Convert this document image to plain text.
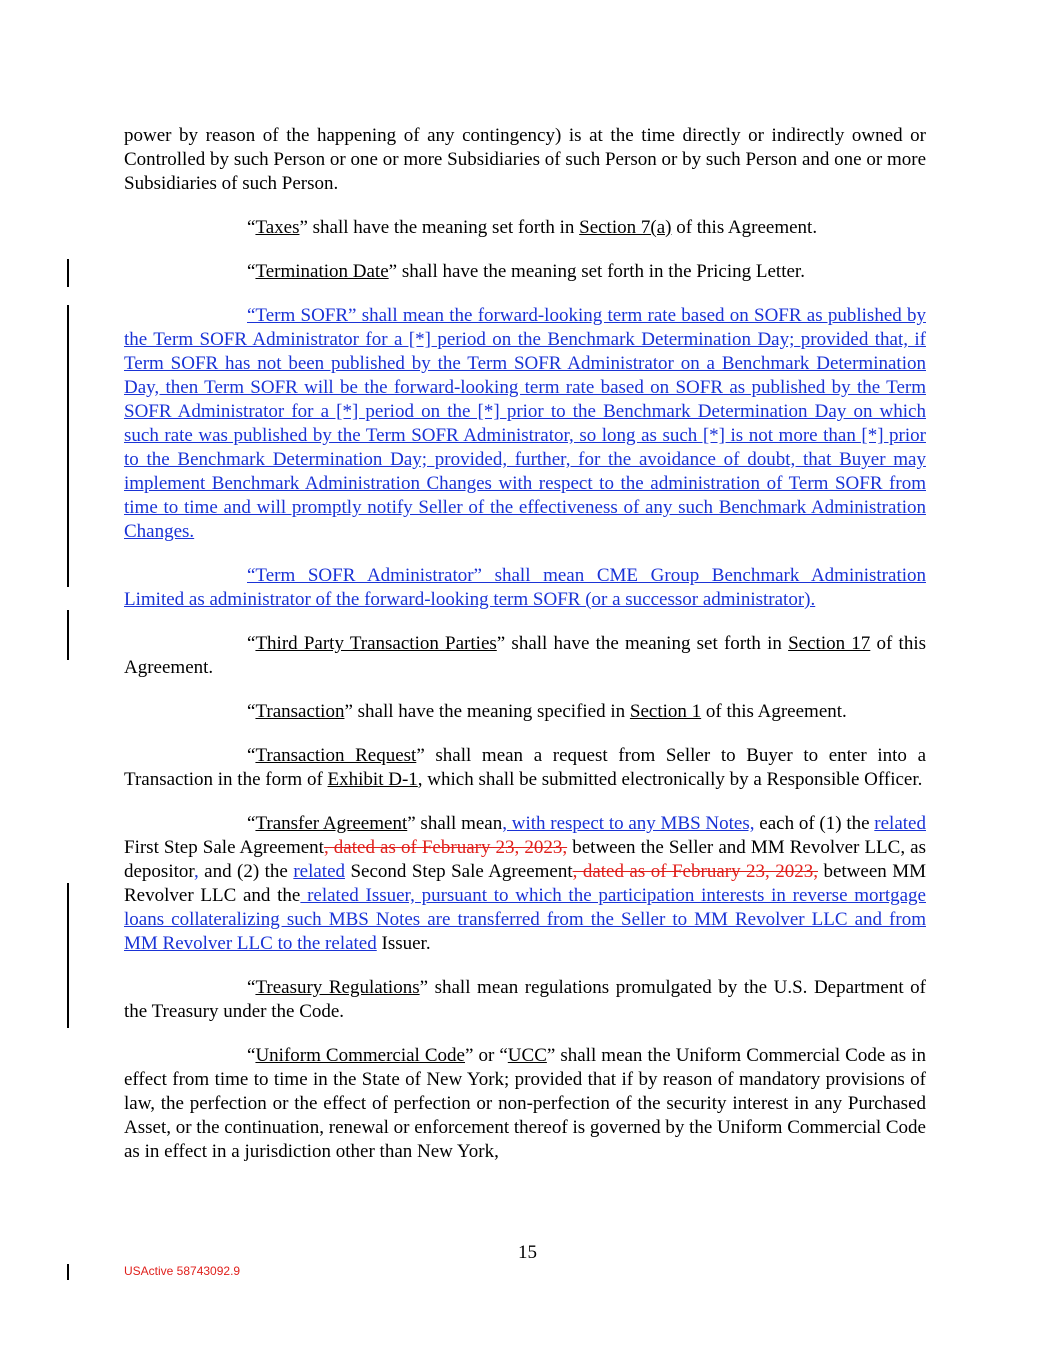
power by reason of the happening of any contingency) is at the time directly or indirectly owned or Controlled by such Person or one or more Subsidiaries of such Person or by such Person and one or more Subsidiaries of such Person.

“Taxes” shall have the meaning set forth in Section 7(a) of this Agreement.

“Termination Date” shall have the meaning set forth in the Pricing Letter.

“Term SOFR” shall mean the forward-looking term rate based on SOFR as published by the Term SOFR Administrator for a [*] period on the Benchmark Determination Day; provided that, if Term SOFR has not been published by the Term SOFR Administrator on a Benchmark Determination Day, then Term SOFR will be the forward-looking term rate based on SOFR as published by the Term SOFR Administrator for a [*] period on the [*] prior to the Benchmark Determination Day on which such rate was published by the Term SOFR Administrator, so long as such [*] is not more than [*] prior to the Benchmark Determination Day; provided, further, for the avoidance of doubt, that Buyer may implement Benchmark Administration Changes with respect to the administration of Term SOFR from time to time and will promptly notify Seller of the effectiveness of any such Benchmark Administration Changes.

“Term SOFR Administrator” shall mean CME Group Benchmark Administration Limited as administrator of the forward-looking term SOFR (or a successor administrator).

“Third Party Transaction Parties” shall have the meaning set forth in Section 17 of this Agreement.

“Transaction” shall have the meaning specified in Section 1 of this Agreement.

“Transaction Request” shall mean a request from Seller to Buyer to enter into a Transaction in the form of Exhibit D-1, which shall be submitted electronically by a Responsible Officer.

“Transfer Agreement” shall mean, with respect to any MBS Notes, each of (1) the related First Step Sale Agreement, dated as of February 23, 2023, between the Seller and MM Revolver LLC, as depositor, and (2) the related Second Step Sale Agreement, dated as of February 23, 2023, between MM Revolver LLC and the related Issuer, pursuant to which the participation interests in reverse mortgage loans collateralizing such MBS Notes are transferred from the Seller to MM Revolver LLC and from MM Revolver LLC to the related Issuer.

“Treasury Regulations” shall mean regulations promulgated by the U.S. Department of the Treasury under the Code.

“Uniform Commercial Code” or “UCC” shall mean the Uniform Commercial Code as in effect from time to time in the State of New York; provided that if by reason of mandatory provisions of law, the perfection or the effect of perfection or non-perfection of the security interest in any Purchased Asset, or the continuation, renewal or enforcement thereof is governed by the Uniform Commercial Code as in effect in a jurisdiction other than New York,

15
USActive 58743092.9
